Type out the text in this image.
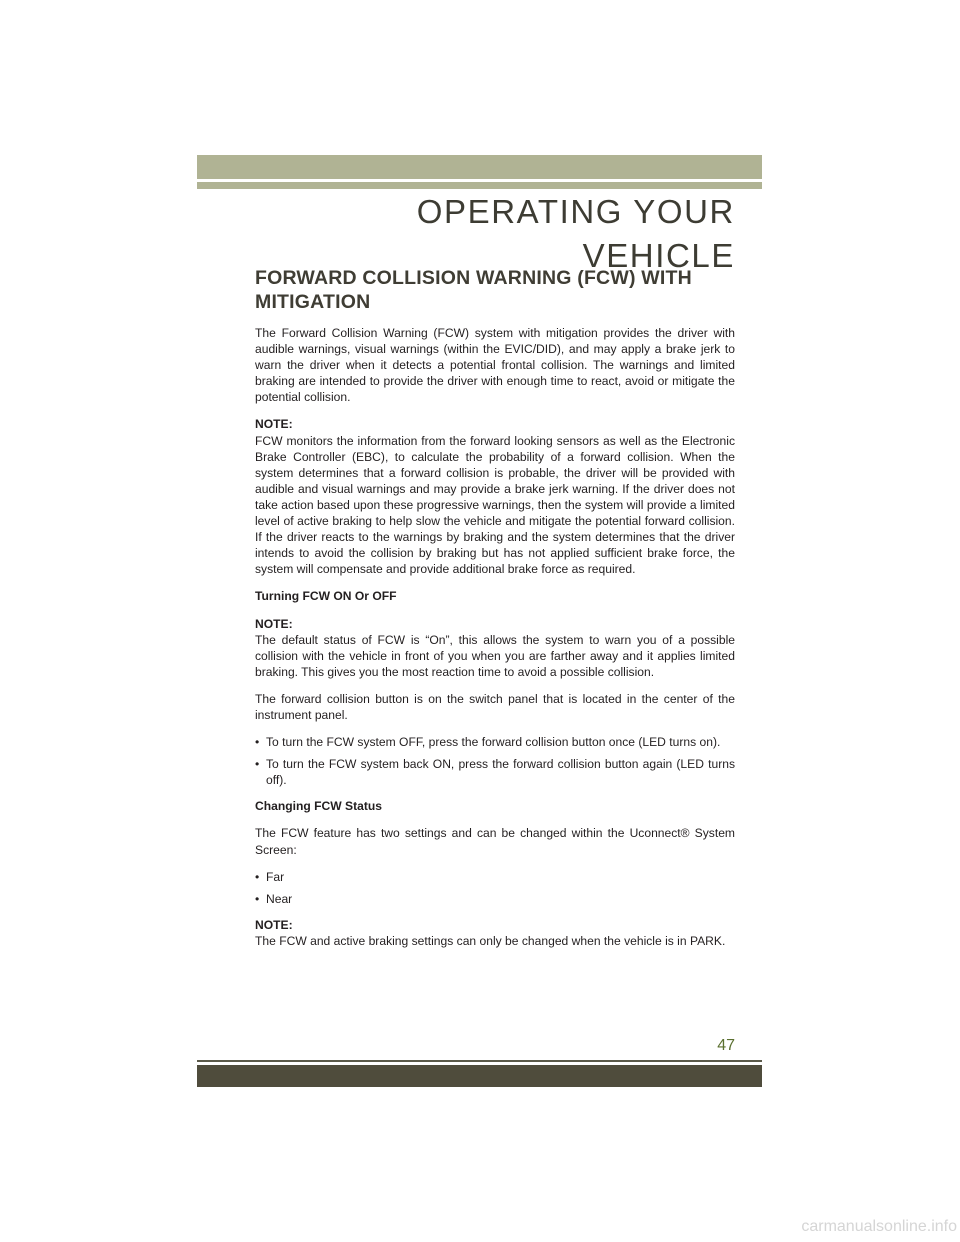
OPERATING YOUR VEHICLE
FORWARD COLLISION WARNING (FCW) WITH MITIGATION

The Forward Collision Warning (FCW) system with mitigation provides the driver with audible warnings, visual warnings (within the EVIC/DID), and may apply a brake jerk to warn the driver when it detects a potential frontal collision. The warnings and limited braking are intended to provide the driver with enough time to react, avoid or mitigate the potential collision.

NOTE:
FCW monitors the information from the forward looking sensors as well as the Electronic Brake Controller (EBC), to calculate the probability of a forward collision. When the system determines that a forward collision is probable, the driver will be provided with audible and visual warnings and may provide a brake jerk warning. If the driver does not take action based upon these progressive warnings, then the system will provide a limited level of active braking to help slow the vehicle and mitigate the potential forward collision. If the driver reacts to the warnings by braking and the system determines that the driver intends to avoid the collision by braking but has not applied sufficient brake force, the system will compensate and provide additional brake force as required.

Turning FCW ON Or OFF

NOTE:
The default status of FCW is “On”, this allows the system to warn you of a possible collision with the vehicle in front of you when you are farther away and it applies limited braking. This gives you the most reaction time to avoid a possible collision.

The forward collision button is on the switch panel that is located in the center of the instrument panel.

• To turn the FCW system OFF, press the forward collision button once (LED turns on).
• To turn the FCW system back ON, press the forward collision button again (LED turns off).
Changing FCW Status

The FCW feature has two settings and can be changed within the Uconnect® System Screen:

• Far
• Near

NOTE:
The FCW and active braking settings can only be changed when the vehicle is in PARK.

47
carmanualsonline.info
